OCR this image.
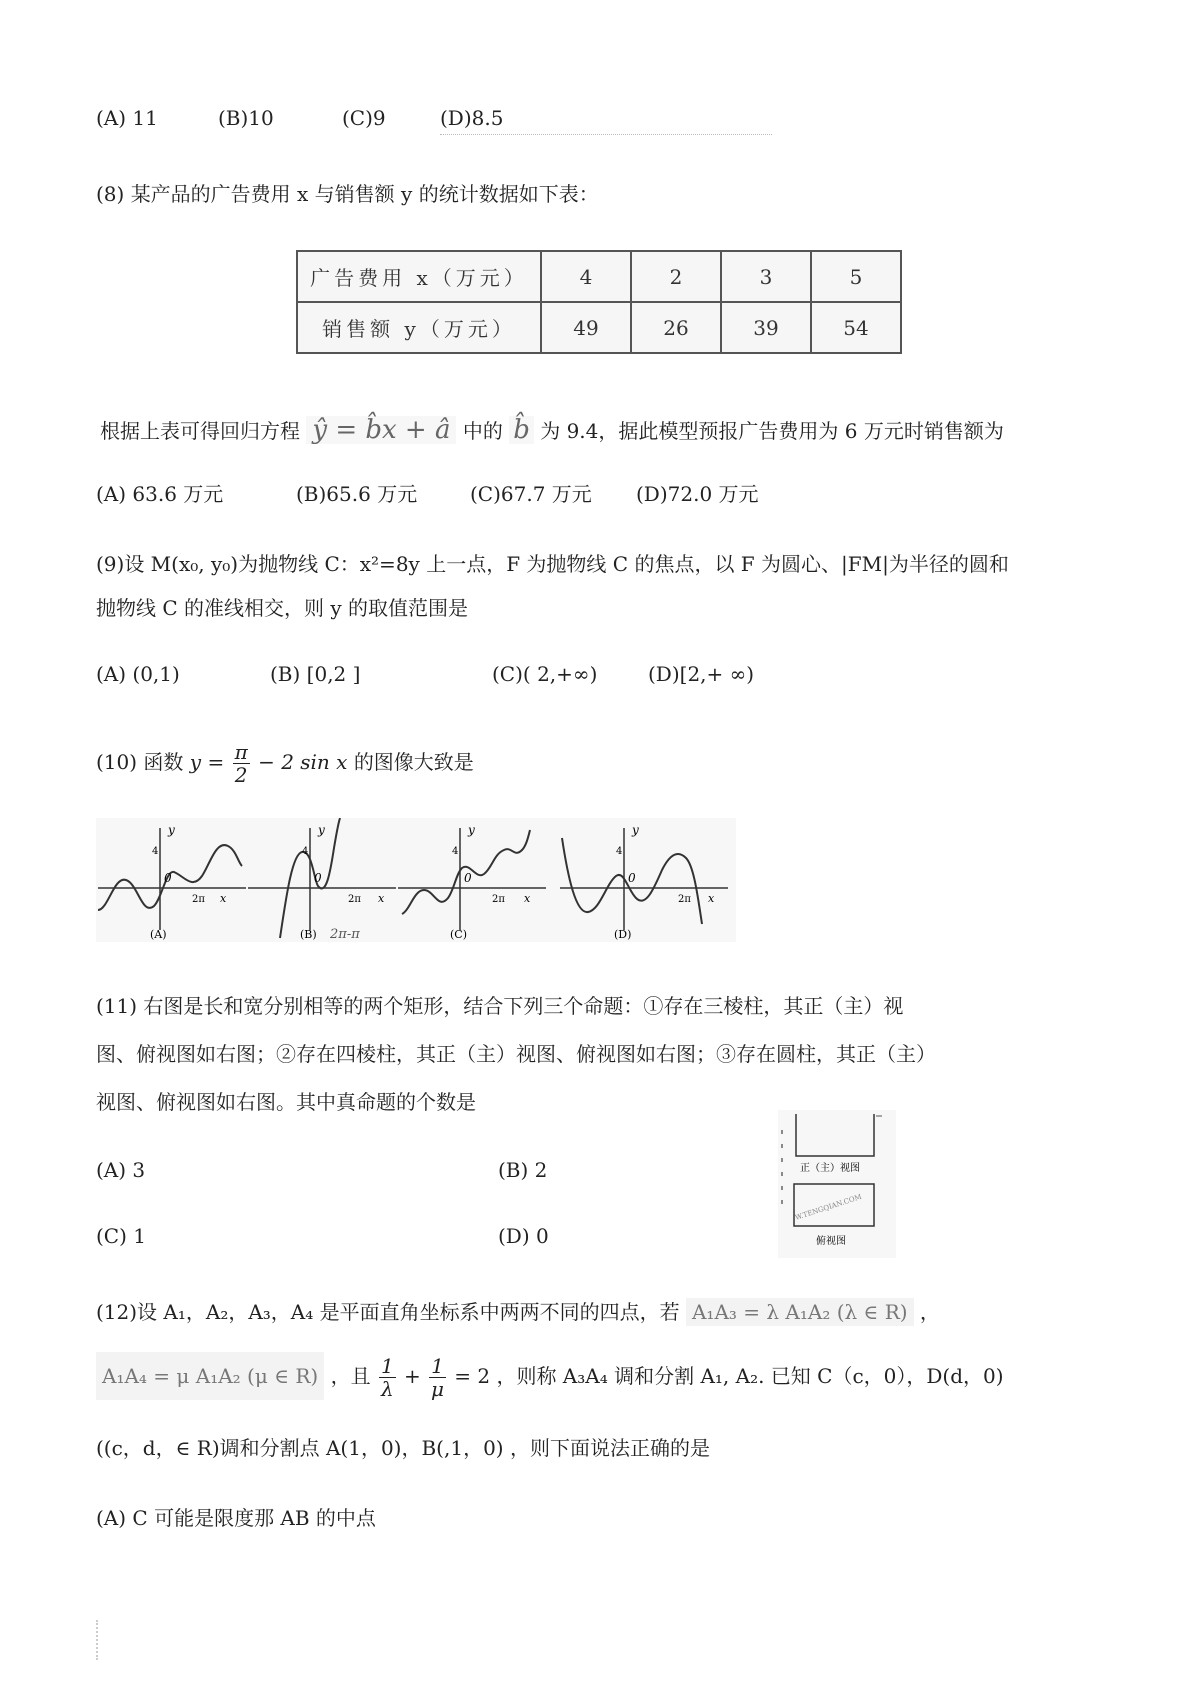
(A) 11	(B)10	(C)9	(D)8.5
(8) 某产品的广告费用 x 与销售额 y 的统计数据如下表：
广告费用 x（万元）	4	2	3	5
销售额 y（万元）	49	26	39	54
根据上表可得回归方程 ŷ = b̂x + â 中的 b̂ 为 9.4，据此模型预报广告费用为 6 万元时销售额为
(A) 63.6 万元	(B)65.6 万元	(C)67.7 万元 (D)72.0 万元
(9)设 M(x₀, y₀)为抛物线 C：x²=8y 上一点，F 为抛物线 C 的焦点，以 F 为圆心、|FM|为半径的圆和
抛物线 C 的准线相交，则 y 的取值范围是
(A) (0,1)	(B) [0,2 ]	(C)( 2,+∞)	(D)[2,+ ∞)
(10) 函数 $y = \frac{\pi}{2} - 2$ sin x 的图像大致是
y
4
0
2π x
(A)
y
4
0
2π x
(B) 2π-π
y
4
0
2π x
(C)
y
4
0
2π x
(D)
(11) 右图是长和宽分别相等的两个矩形，结合下列三个命题：①存在三棱柱，其正（主）视
图、俯视图如右图；②存在四棱柱，其正（主）视图、俯视图如右图；③存在圆柱，其正（主）
视图、俯视图如右图。其中真命题的个数是
(A) 3	(B) 2
(C) 1	(D) 0
正（主）视图
W.TENGQIAN.COM
俯视图
(12)设 A₁，A₂，A₃，A₄ 是平面直角坐标系中两两不同的四点，若 A₁A₃ = λ A₁A₂ (λ ∈ R) ，
A₁A₄ = μ A₁A₂ (μ ∈ R) ，且 $\frac{1}{\lambda} + \frac{1}{\mu} = 2$ ，则称 A₃A₄ 调和分割 A₁, A₂. 已知 C（c，0），D(d，0)
((c，d，∈ R)调和分割点 A(1，0)，B(,1，0) ，则下面说法正确的是
(A) C 可能是限度那 AB 的中点
